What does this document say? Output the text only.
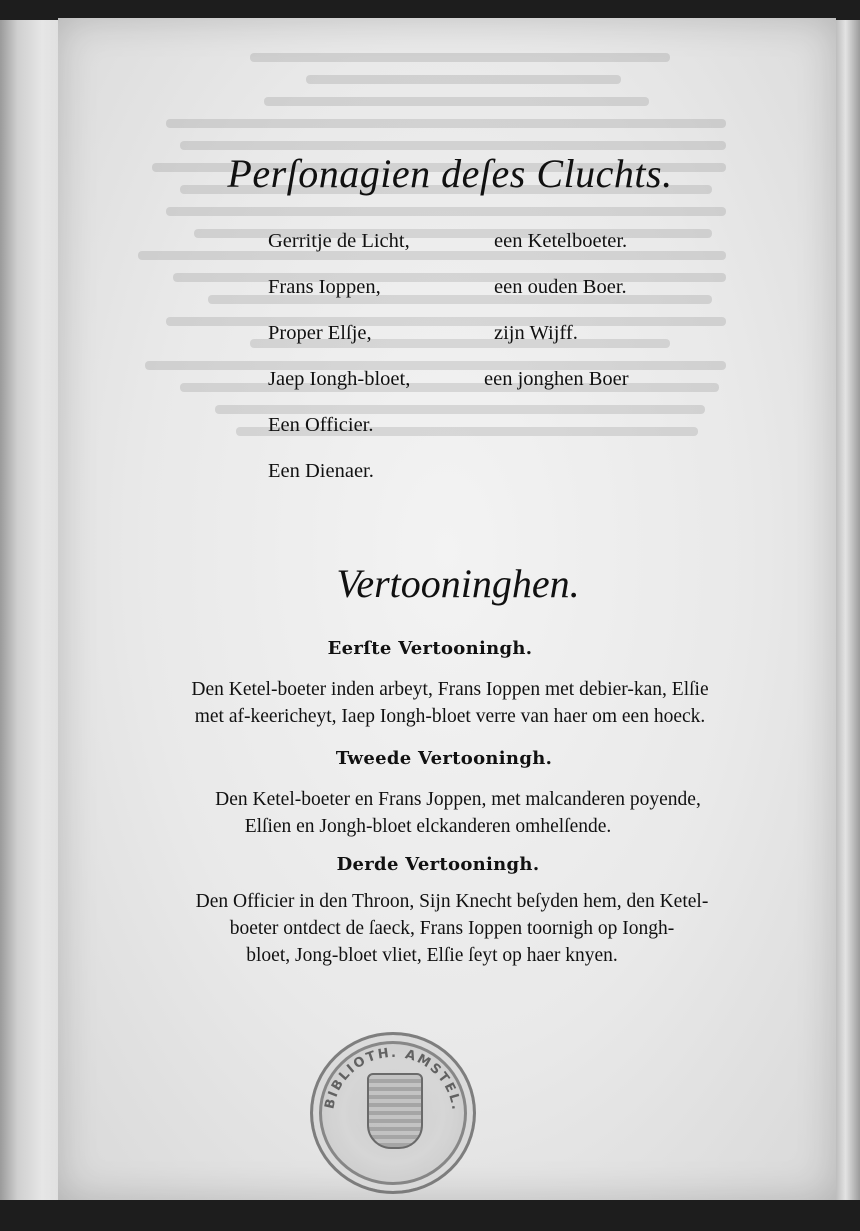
Perſonagien deſes Cluchts.
Gerritje de Licht,	een Ketelboeter.
Frans Ioppen,	een ouden Boer.
Proper Elſje,	zijn Wijff.
Jaep Iongh-bloet,	een jonghen Boer
Een Officier.
Een Dienaer.
Vertooninghen.
Eerſte Vertooningh.
Den Ketel-boeter inden arbeyt, Frans Ioppen met debier-kan, Elſie
met af-keericheyt, Iaep Iongh-bloet verre van haer om een hoeck.
Tweede Vertooningh.
Den Ketel-boeter en Frans Joppen, met malcanderen poyende,
Elſien en Jongh-bloet elckanderen omhelſende.
Derde Vertooningh.
Den Officier in den Throon, Sijn Knecht beſyden hem, den Ketel-
boeter ontdect de ſaeck, Frans Ioppen toornigh op Iongh-
bloet, Jong-bloet vliet, Elſie ſeyt op haer knyen.
BIBLIOTH. AMSTEL.
